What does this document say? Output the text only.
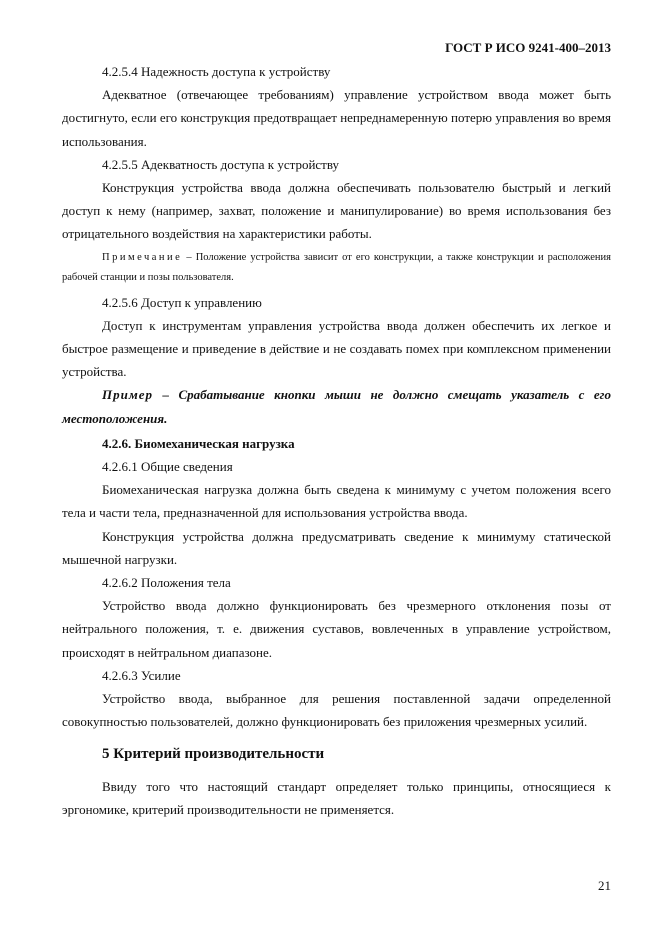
ГОСТ Р ИСО 9241-400–2013

4.2.5.4 Надежность доступа к устройству

Адекватное (отвечающее требованиям) управление устройством ввода может быть достигнуто, если его конструкция предотвращает непреднамеренную потерю управления во время использования.

4.2.5.5 Адекватность доступа к устройству

Конструкция устройства ввода должна обеспечивать пользователю быстрый и легкий доступ к нему (например, захват, положение и манипулирование) во время использования без отрицательного воздействия на характеристики работы.

Примечание – Положение устройства зависит от его конструкции, а также конструкции и расположения рабочей станции и позы пользователя.

4.2.5.6 Доступ к управлению

Доступ к инструментам управления устройства ввода должен обеспечить их легкое и быстрое размещение и приведение в действие и не создавать помех при комплексном применении устройства.

Пример – Срабатывание кнопки мыши не должно смещать указатель с его местоположения.

4.2.6. Биомеханическая нагрузка

4.2.6.1 Общие сведения

Биомеханическая нагрузка должна быть сведена к минимуму с учетом положения всего тела и части тела, предназначенной для использования устройства ввода.

Конструкция устройства должна предусматривать сведение к минимуму статической мышечной нагрузки.

4.2.6.2 Положения тела

Устройство ввода должно функционировать без чрезмерного отклонения позы от нейтрального положения, т. е. движения суставов, вовлеченных в управление устройством, происходят в нейтральном диапазоне.

4.2.6.3 Усилие

Устройство ввода, выбранное для решения поставленной задачи определенной совокупностью пользователей, должно функционировать без приложения чрезмерных усилий.

5 Критерий производительности

Ввиду того что настоящий стандарт определяет только принципы, относящиеся к эргономике, критерий производительности не применяется.

21
